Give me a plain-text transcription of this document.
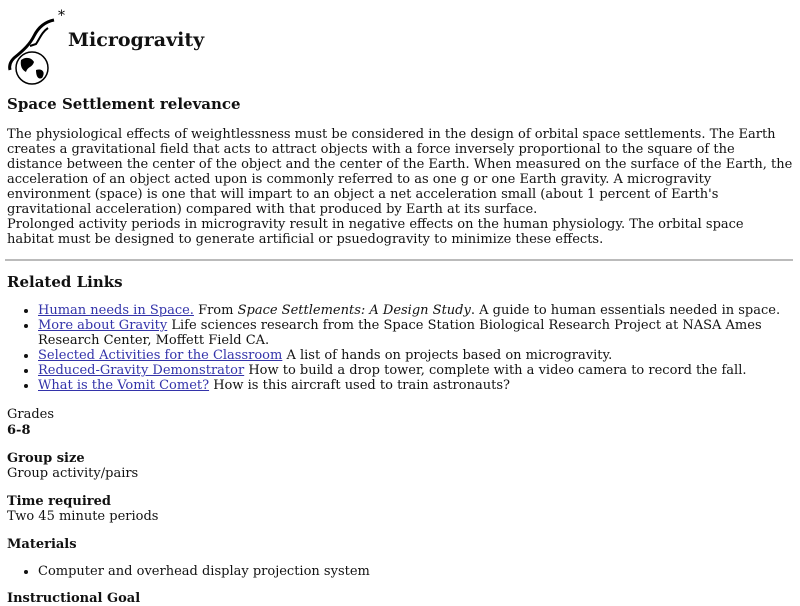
*
Microgravity
Space Settlement relevance

The physiological effects of weightlessness must be considered in the design of orbital space settlements. The Earth creates a gravitational field that acts to attract objects with a force inversely proportional to the square of the distance between the center of the object and the center of the Earth. When measured on the surface of the Earth, the acceleration of an object acted upon is commonly referred to as one g or one Earth gravity. A microgravity environment (space) is one that will impart to an object a net acceleration small (about 1 percent of Earth's gravitational acceleration) compared with that produced by Earth at its surface.

Prolonged activity periods in microgravity result in negative effects on the human physiology. The orbital space habitat must be designed to generate artificial or psuedogravity to minimize these effects.

Related Links
• Human needs in Space. From Space Settlements: A Design Study. A guide to human essentials needed in space.
• More about Gravity Life sciences research from the Space Station Biological Research Project at NASA Ames Research Center, Moffett Field CA.
• Selected Activities for the Classroom A list of hands on projects based on microgravity.
• Reduced-Gravity Demonstrator How to build a drop tower, complete with a video camera to record the fall.
• What is the Vomit Comet? How is this aircraft used to train astronauts?
Grades
6-8
Group size
Group activity/pairs
Time required
Two 45 minute periods
Materials
• Computer and overhead display projection system
Instructional Goal
